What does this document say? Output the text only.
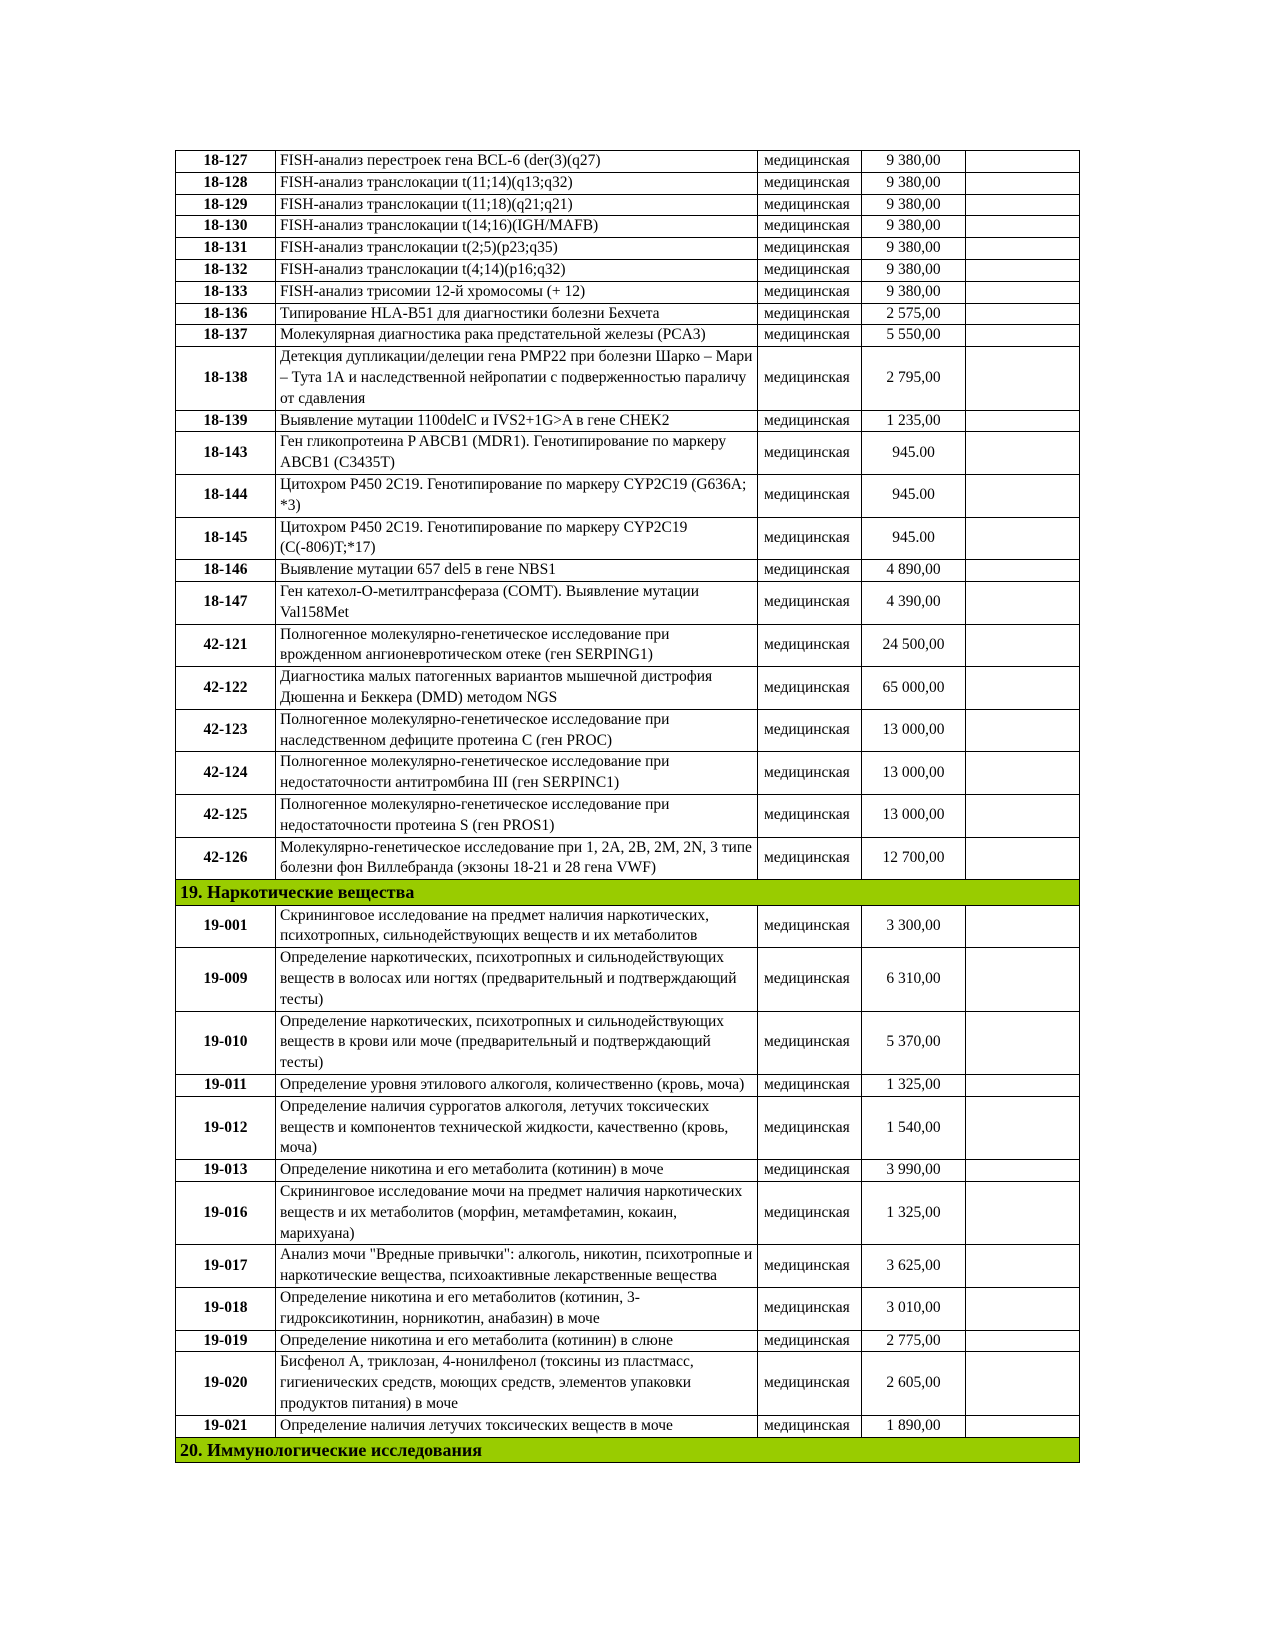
18-127	FISH-анализ перестроек гена BCL-6 (der(3)(q27)	медицинская	9 380,00	
18-128	FISH-анализ транслокации t(11;14)(q13;q32)	медицинская	9 380,00	
18-129	FISH-анализ транслокации t(11;18)(q21;q21)	медицинская	9 380,00	
18-130	FISH-анализ транслокации t(14;16)(IGH/MAFB)	медицинская	9 380,00	
18-131	FISH-анализ транслокации t(2;5)(p23;q35)	медицинская	9 380,00	
18-132	FISH-анализ транслокации t(4;14)(p16;q32)	медицинская	9 380,00	
18-133	FISH-анализ трисомии 12-й хромосомы (+ 12)	медицинская	9 380,00	
18-136	Типирование HLA-B51 для диагностики болезни Бехчета	медицинская	2 575,00	
18-137	Молекулярная диагностика рака предстательной железы (PCA3)	медицинская	5 550,00	
18-138	Детекция дупликации/делеции гена PMP22 при болезни Шарко – Мари – Тута 1А и наследственной нейропатии с подверженностью параличу от сдавления	медицинская	2 795,00	
18-139	Выявление мутации 1100delC и IVS2+1G>A в гене CHEK2	медицинская	1 235,00	
18-143	Ген гликопротеина P ABCB1 (MDR1). Генотипирование по маркеру ABCB1 (C3435T)	медицинская	945.00	
18-144	Цитохром P450 2C19. Генотипирование по маркеру CYP2C19 (G636A; *3)	медицинская	945.00	
18-145	Цитохром P450 2C19. Генотипирование по маркеру CYP2C19 (C(-806)T;*17)	медицинская	945.00	
18-146	Выявление мутации 657 del5 в гене NBS1	медицинская	4 890,00	
18-147	Ген катехол-О-метилтрансфераза (COMT). Выявление мутации Val158Met	медицинская	4 390,00	
42-121	Полногенное молекулярно-генетическое исследование при врожденном ангионевротическом отеке (ген SERPING1)	медицинская	24 500,00	
42-122	Диагностика малых патогенных вариантов мышечной дистрофия Дюшенна и Беккера (DMD) методом NGS	медицинская	65 000,00	
42-123	Полногенное молекулярно-генетическое исследование при наследственном дефиците протеина С (ген PROC)	медицинская	13 000,00	
42-124	Полногенное молекулярно-генетическое исследование при недостаточности антитромбина III (ген SERPINC1)	медицинская	13 000,00	
42-125	Полногенное молекулярно-генетическое исследование при недостаточности протеина S (ген PROS1)	медицинская	13 000,00	
42-126	Молекулярно-генетическое исследование при 1, 2A, 2B, 2M, 2N, 3 типе болезни фон Виллебранда (экзоны 18-21 и 28 гена VWF)	медицинская	12 700,00	
19. Наркотические вещества				
19-001	Скрининговое исследование на предмет наличия наркотических, психотропных, сильнодействующих веществ и их метаболитов	медицинская	3 300,00	
19-009	Определение наркотических, психотропных и сильнодействующих веществ в волосах или ногтях (предварительный и подтверждающий тесты)	медицинская	6 310,00	
19-010	Определение наркотических, психотропных и сильнодействующих веществ в крови или моче (предварительный и подтверждающий тесты)	медицинская	5 370,00	
19-011	Определение уровня этилового алкоголя, количественно (кровь, моча)	медицинская	1 325,00	
19-012	Определение наличия суррогатов алкоголя, летучих токсических веществ и компонентов технической жидкости, качественно (кровь, моча)	медицинская	1 540,00	
19-013	Определение никотина и его метаболита (котинин) в моче	медицинская	3 990,00	
19-016	Скрининговое исследование мочи на предмет наличия наркотических веществ и их метаболитов (морфин, метамфетамин, кокаин, марихуана)	медицинская	1 325,00	
19-017	Анализ мочи "Вредные привычки": алкоголь, никотин, психотропные и наркотические вещества, психоактивные лекарственные вещества	медицинская	3 625,00	
19-018	Определение никотина и его метаболитов (котинин, 3-гидроксикотинин, норникотин, анабазин) в моче	медицинская	3 010,00	
19-019	Определение никотина и его метаболита (котинин) в слюне	медицинская	2 775,00	
19-020	Бисфенол А, триклозан, 4-нонилфенол (токсины из пластмасс, гигиенических средств, моющих средств, элементов упаковки продуктов питания) в моче	медицинская	2 605,00	
19-021	Определение наличия летучих токсических веществ в моче	медицинская	1 890,00	
20. Иммунологические исследования				
